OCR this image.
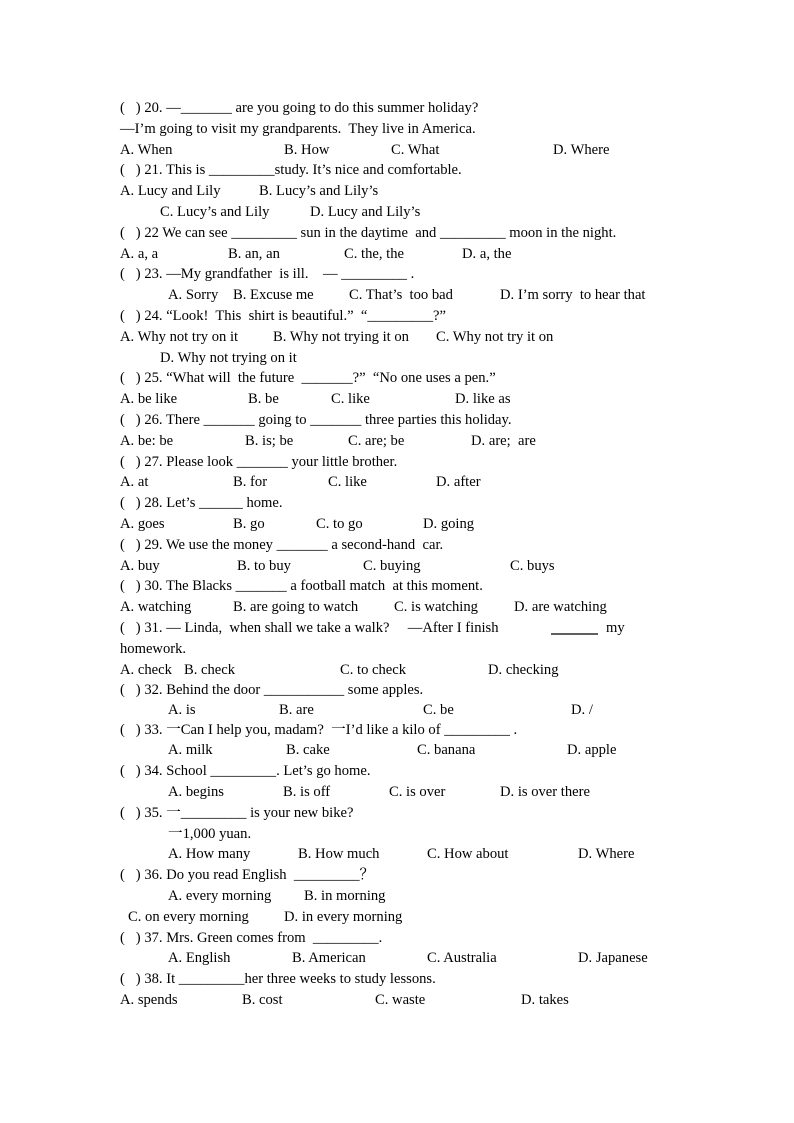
(   ) 20. —_______ are you going to do this summer holiday?
—I’m going to visit my grandparents.  They live in America.
A. When	B. How	C. What	D. Where
(   ) 21. This is _________study. It’s nice and comfortable.
A. Lucy and Lily	B. Lucy’s and Lily’s
C. Lucy’s and Lily	D. Lucy and Lily’s
(   ) 22 We can see _________ sun in the daytime  and _________ moon in the night.
A. a, a	B. an, an	C. the, the	D. a, the
(   ) 23. —My grandfather  is ill.    — _________ .
A. Sorry B. Excuse me C. That’s  too bad	D. I’m sorry  to hear that
(   ) 24. “Look!  This  shirt is beautiful.”  “_________?”
A. Why not try on it B. Why not trying it on C. Why not try it on
D. Why not trying on it
(   ) 25. “What will  the future  _______?”  “No one uses a pen.”
A. be like	B. be	C. like	D. like as
(   ) 26. There _______ going to _______ three parties this holiday.
A. be: be	B. is; be	C. are; be	D. are;  are
(   ) 27. Please look _______ your little brother.
A. at	B. for	C. like	D. after
(   ) 28. Let’s ______ home.
A. goes	B. go	C. to go	D. going
(   ) 29. We use the money _______ a second-hand  car.
A. buy	B. to buy	C. buying	C. buys
(   ) 30. The Blacks _______ a football match  at this moment.
A. watching	B. are going to watch C. is watching D. are watching
(   ) 31. — Linda,  when shall we take a walk?     —After I finish	my
homework.
A. check B. check	C. to check	D. checking
(   ) 32. Behind the door ___________ some apples.
A. is	B. are	C. be	D. /
(   ) 33. 一Can I help you, madam?  一I’d like a kilo of _________ .
A. milk	B. cake	C. banana	D. apple
(   ) 34. School _________. Let’s go home.
A. begins	B. is off	C. is over	D. is over there
(   ) 35. 一_________ is your new bike?
一1,000 yuan.
A. How many	B. How much	C. How about	D. Where
(   ) 36. Do you read English  _________？
A. every morning B. in morning
C. on every morning D. in every morning
(   ) 37. Mrs. Green comes from  _________.
A. English	B. American	C. Australia	D. Japanese
(   ) 38. It _________her three weeks to study lessons.
A. spends	B. cost	C. waste	D. takes
